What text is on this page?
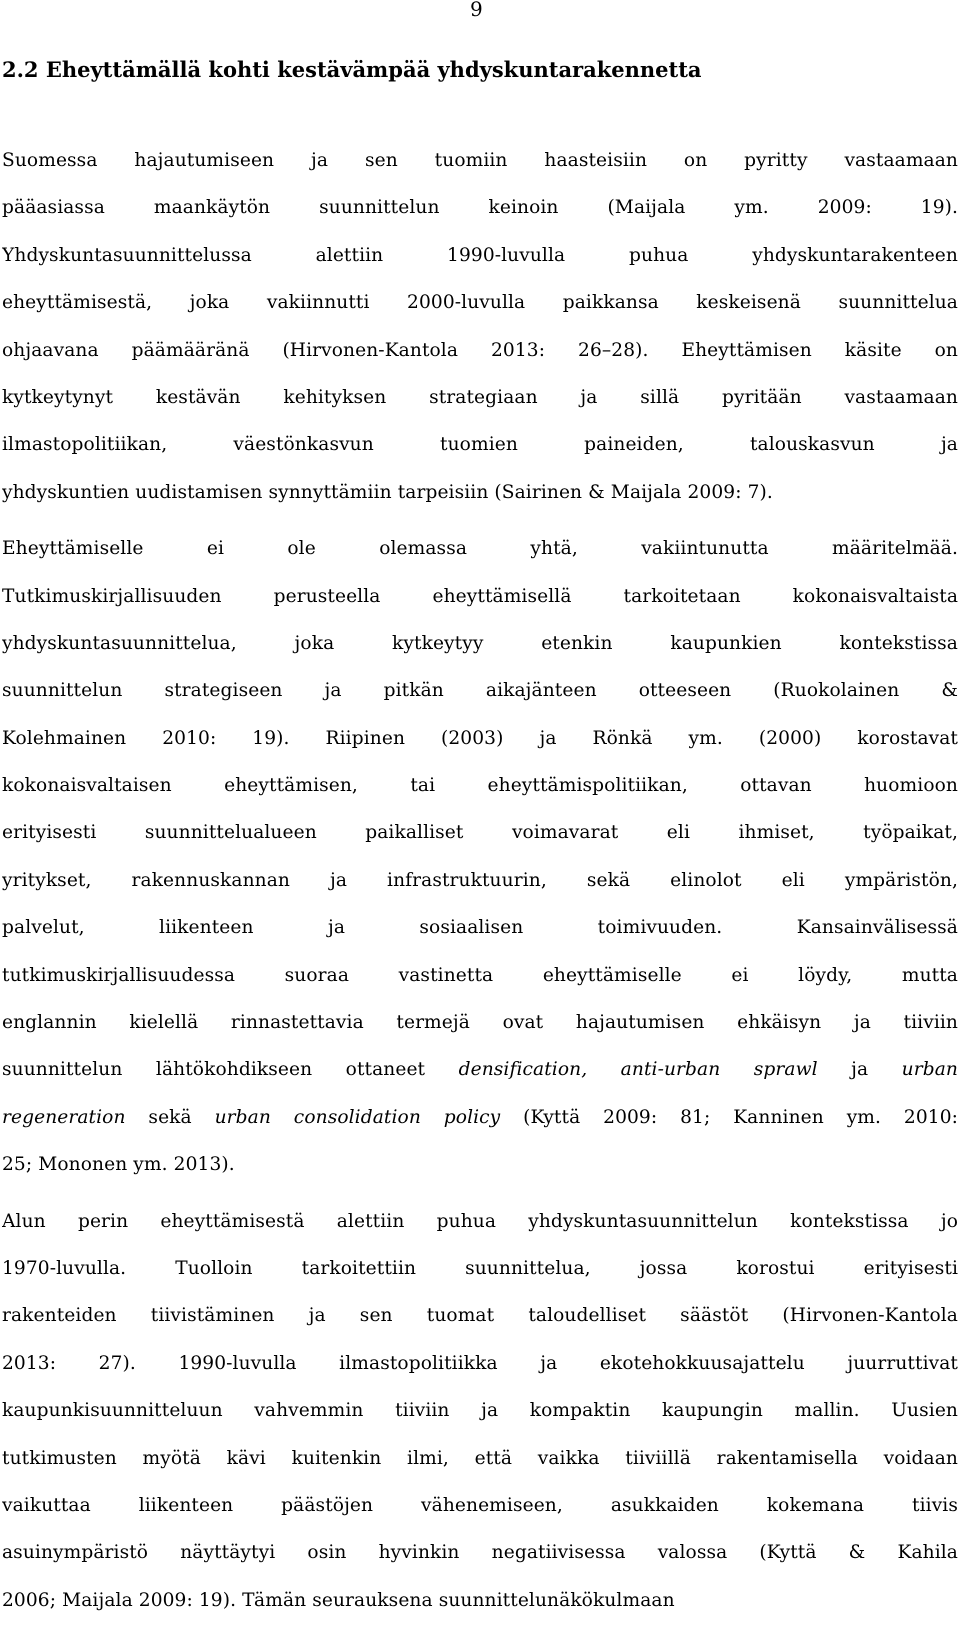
9
2.2 Eheyttämällä kohti kestävämpää yhdyskuntarakennetta
Suomessa hajautumiseen ja sen tuomiin haasteisiin on pyritty vastaamaan
pääasiassa maankäytön suunnittelun keinoin (Maijala ym. 2009: 19).
Yhdyskuntasuunnittelussa alettiin 1990-luvulla puhua yhdyskuntarakenteen
eheyttämisestä, joka vakiinnutti 2000-luvulla paikkansa keskeisenä suunnittelua
ohjaavana päämääränä (Hirvonen-Kantola 2013: 26–28). Eheyttämisen käsite on
kytkeytynyt kestävän kehityksen strategiaan ja sillä pyritään vastaamaan
ilmastopolitiikan, väestönkasvun tuomien paineiden, talouskasvun ja
yhdyskuntien uudistamisen synnyttämiin tarpeisiin (Sairinen & Maijala 2009: 7).
Eheyttämiselle ei ole olemassa yhtä, vakiintunutta määritelmää.
Tutkimuskirjallisuuden perusteella eheyttämisellä tarkoitetaan kokonaisvaltaista
yhdyskuntasuunnittelua, joka kytkeytyy etenkin kaupunkien kontekstissa
suunnittelun strategiseen ja pitkän aikajänteen otteeseen (Ruokolainen &
Kolehmainen 2010: 19). Riipinen (2003) ja Rönkä ym. (2000) korostavat
kokonaisvaltaisen eheyttämisen, tai eheyttämispolitiikan, ottavan huomioon
erityisesti suunnittelualueen paikalliset voimavarat eli ihmiset, työpaikat,
yritykset, rakennuskannan ja infrastruktuurin, sekä elinolot eli ympäristön,
palvelut, liikenteen ja sosiaalisen toimivuuden. Kansainvälisessä
tutkimuskirjallisuudessa suoraa vastinetta eheyttämiselle ei löydy, mutta
englannin kielellä rinnastettavia termejä ovat hajautumisen ehkäisyn ja tiiviin
suunnittelun lähtökohdikseen ottaneet densification, anti-urban sprawl ja urban
regeneration sekä urban consolidation policy (Kyttä 2009: 81; Kanninen ym. 2010:
25; Mononen ym. 2013).
Alun perin eheyttämisestä alettiin puhua yhdyskuntasuunnittelun kontekstissa jo
1970-luvulla. Tuolloin tarkoitettiin suunnittelua, jossa korostui erityisesti
rakenteiden tiivistäminen ja sen tuomat taloudelliset säästöt (Hirvonen-Kantola
2013: 27). 1990-luvulla ilmastopolitiikka ja ekotehokkuusajattelu juurruttivat
kaupunkisuunnitteluun vahvemmin tiiviin ja kompaktin kaupungin mallin. Uusien
tutkimusten myötä kävi kuitenkin ilmi, että vaikka tiiviillä rakentamisella voidaan
vaikuttaa liikenteen päästöjen vähenemiseen, asukkaiden kokemana tiivis
asuinympäristö näyttäytyi osin hyvinkin negatiivisessa valossa (Kyttä & Kahila
2006; Maijala 2009: 19). Tämän seurauksena suunnittelunäkökulmaan
